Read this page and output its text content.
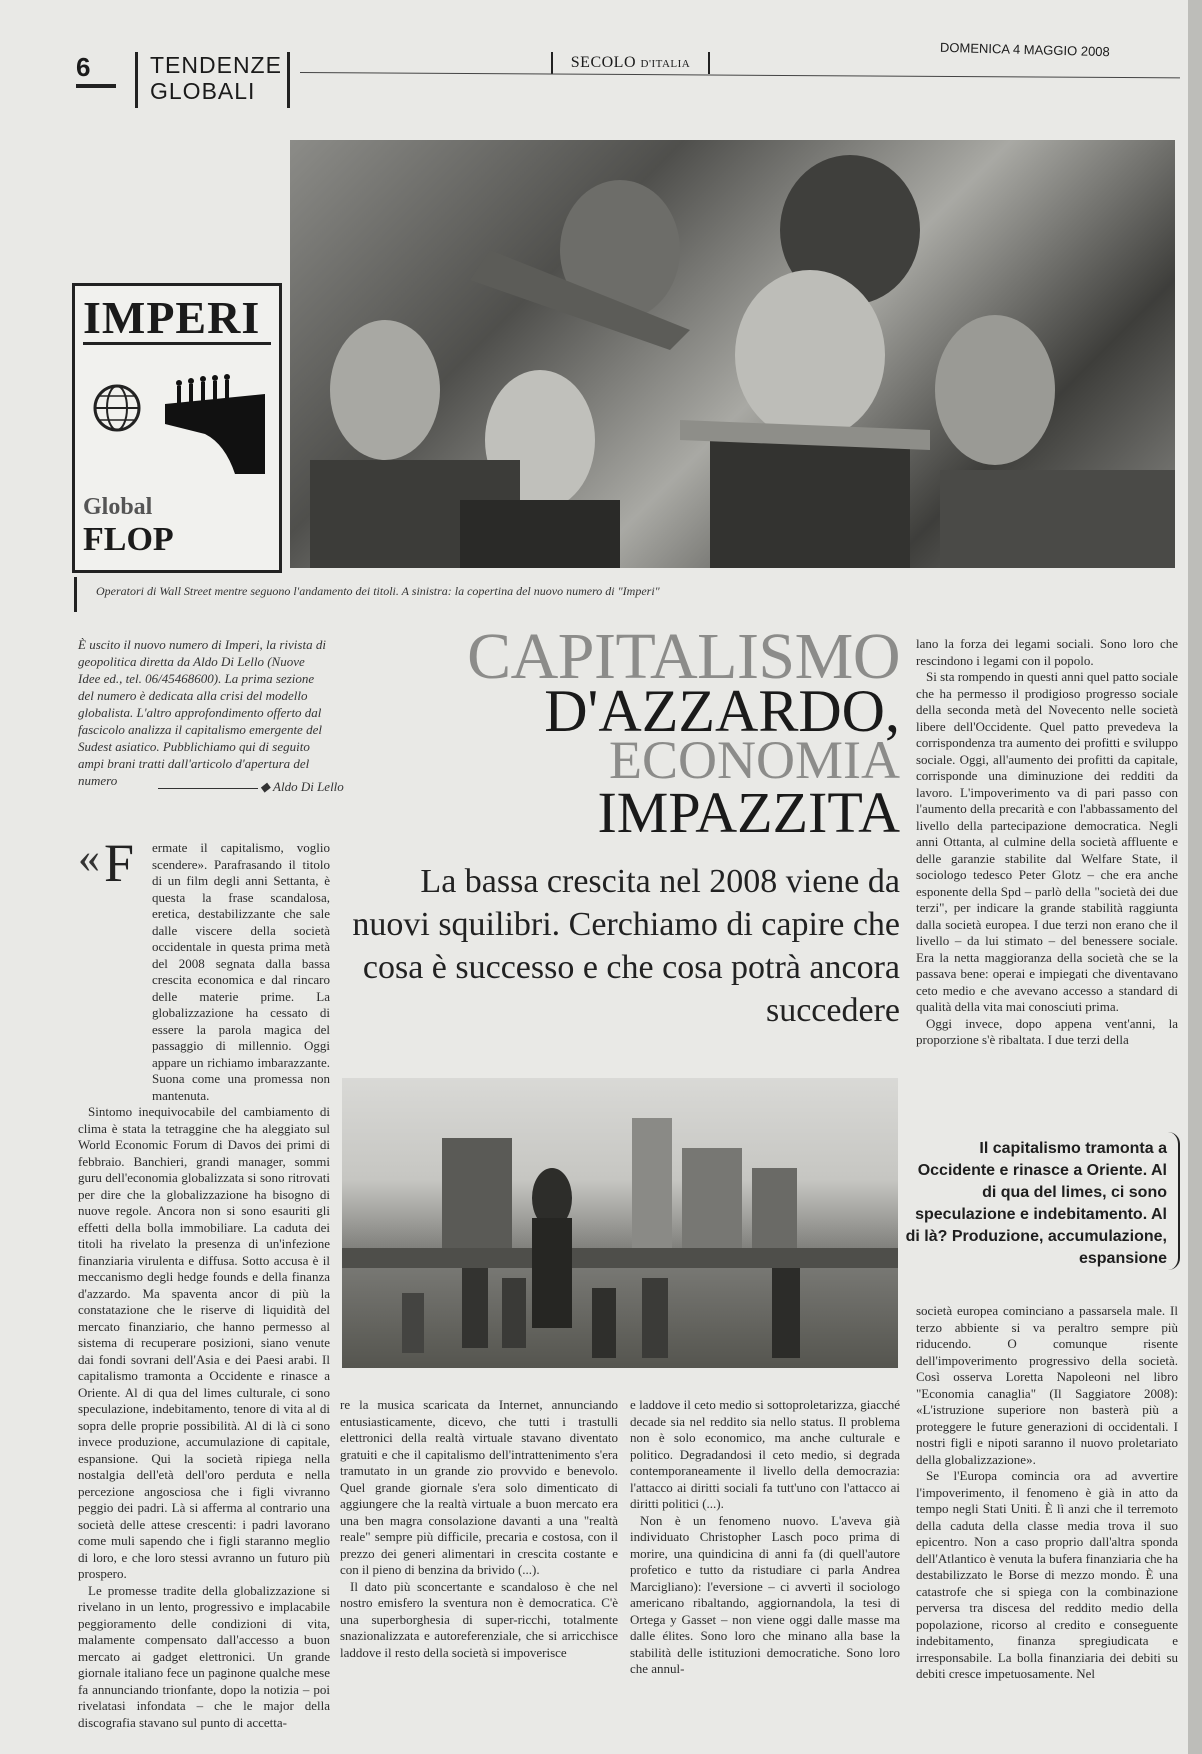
6	TENDENZE
GLOBALI
SECOLO D'ITALIA
DOMENICA 4 MAGGIO 2008
IMPERI
Global
FLOP
Operatori di Wall Street mentre seguono l'andamento dei titoli. A sinistra: la copertina del nuovo numero di "Imperi"
È uscito il nuovo numero di Imperi, la rivista di geopolitica diretta da Aldo Di Lello (Nuove Idee ed., tel. 06/45468600). La prima sezione del numero è dedicata alla crisi del modello globalista. L'altro approfondimento offerto dal fascicolo analizza il capitalismo emergente del Sudest asiatico. Pubblichiamo qui di seguito ampi brani tratti dall'articolo d'apertura del numero	◆ Aldo Di Lello
CAPITALISMO
D'AZZARDO,
ECONOMIA
IMPAZZITA
La bassa crescita nel 2008 viene da nuovi squilibri. Cerchiamo di capire che cosa è successo e che cosa potrà ancora succedere
« F	ermate il capitalismo, voglio scendere». Parafrasando il titolo di un film degli anni Settanta, è questa la frase scandalosa, eretica, destabilizzante che sale dalle viscere della società occidentale in questa prima metà del 2008 segnata dalla bassa crescita economica e dal rincaro delle materie prime. La globalizzazione ha cessato di essere la parola magica del passaggio di millennio. Oggi appare un richiamo imbarazzante. Suona come una promessa non mantenuta.

Sintomo inequivocabile del cambiamento di clima è stata la tetraggine che ha aleggiato sul World Economic Forum di Davos dei primi di febbraio. Banchieri, grandi manager, sommi guru dell'economia globalizzata si sono ritrovati per dire che la globalizzazione ha bisogno di nuove regole. Ancora non si sono esauriti gli effetti della bolla immobiliare. La caduta dei titoli ha rivelato la presenza di un'infezione finanziaria virulenta e diffusa. Sotto accusa è il meccanismo degli hedge founds e della finanza d'azzardo. Ma spaventa ancor di più la constatazione che le riserve di liquidità del mercato finanziario, che hanno permesso al sistema di recuperare posizioni, siano venute dai fondi sovrani dell'Asia e dei Paesi arabi. Il capitalismo tramonta a Occidente e rinasce a Oriente. Al di qua del limes culturale, ci sono speculazione, indebitamento, tenore di vita al di sopra delle proprie possibilità. Al di là ci sono invece produzione, accumulazione di capitale, espansione. Qui la società ripiega nella nostalgia dell'età dell'oro perduta e nella percezione angosciosa che i figli vivranno peggio dei padri. Là si afferma al contrario una società delle attese crescenti: i padri lavorano come muli sapendo che i figli staranno meglio di loro, e che loro stessi avranno un futuro più prospero.

Le promesse tradite della globalizzazione si rivelano in un lento, progressivo e implacabile peggioramento delle condizioni di vita, malamente compensato dall'accesso a buon mercato ai gadget elettronici. Un grande giornale italiano fece un paginone qualche mese fa annunciando trionfante, dopo la notizia – poi rivelatasi infondata – che le major della discografia stavano sul punto di accetta-

re la musica scaricata da Internet, annunciando entusiasticamente, dicevo, che tutti i trastulli elettronici della realtà virtuale stavano diventato gratuiti e che il capitalismo dell'intrattenimento s'era tramutato in un grande zio provvido e benevolo. Quel grande giornale s'era solo dimenticato di aggiungere che la realtà virtuale a buon mercato era una ben magra consolazione davanti a una "realtà reale" sempre più difficile, precaria e costosa, con il prezzo dei generi alimentari in crescita costante e con il pieno di benzina da brivido (...).

Il dato più sconcertante e scandaloso è che nel nostro emisfero la sventura non è democratica. C'è una superborghesia di super-ricchi, totalmente snazionalizzata e autoreferenziale, che si arricchisce laddove il resto della società si impoverisce

e laddove il ceto medio si sottoproletarizza, giacché decade sia nel reddito sia nello status. Il problema non è solo economico, ma anche culturale e politico. Degradandosi il ceto medio, si degrada contemporaneamente il livello della democrazia: l'attacco ai diritti sociali fa tutt'uno con l'attacco ai diritti politici (...).

Non è un fenomeno nuovo. L'aveva già individuato Christopher Lasch poco prima di morire, una quindicina di anni fa (di quell'autore profetico e tutto da ristudiare ci parla Andrea Marcigliano): l'eversione – ci avvertì il sociologo americano ribaltando, aggiornandola, la tesi di Ortega y Gasset – non viene oggi dalle masse ma dalle élites. Sono loro che minano alla base la stabilità delle istituzioni democratiche. Sono loro che annul-

lano la forza dei legami sociali. Sono loro che rescindono i legami con il popolo.

Si sta rompendo in questi anni quel patto sociale che ha permesso il prodigioso progresso sociale della seconda metà del Novecento nelle società libere dell'Occidente. Quel patto prevedeva la corrispondenza tra aumento dei profitti e sviluppo sociale. Oggi, all'aumento dei profitti da capitale, corrisponde una diminuzione dei redditi da lavoro. L'impoverimento va di pari passo con l'aumento della precarità e con l'abbassamento del livello della partecipazione democratica. Negli anni Ottanta, al culmine della società affluente e delle garanzie stabilite dal Welfare State, il sociologo tedesco Peter Glotz – che era anche esponente della Spd – parlò della "società dei due terzi", per indicare la grande stabilità raggiunta dalla società europea. I due terzi non erano che il livello – da lui stimato – del benessere sociale. Era la netta maggioranza della società che se la passava bene: operai e impiegati che diventavano ceto medio e che avevano accesso a standard di qualità della vita mai conosciuti prima.

Oggi invece, dopo appena vent'anni, la proporzione s'è ribaltata. I due terzi della

Il capitalismo tramonta a Occidente e rinasce a Oriente. Al di qua del limes, ci sono speculazione e indebitamento. Al di là? Produzione, accumulazione, espansione

società europea cominciano a passarsela male. Il terzo abbiente si va peraltro sempre più riducendo. O comunque risente dell'impoverimento progressivo della società. Così osserva Loretta Napoleoni nel libro "Economia canaglia" (Il Saggiatore 2008): «L'istruzione superiore non basterà più a proteggere le future generazioni di occidentali. I nostri figli e nipoti saranno il nuovo proletariato della globalizzazione».

Se l'Europa comincia ora ad avvertire l'impoverimento, il fenomeno è già in atto da tempo negli Stati Uniti. È lì anzi che il terremoto della caduta della classe media trova il suo epicentro. Non a caso proprio dall'altra sponda dell'Atlantico è venuta la bufera finanziaria che ha destabilizzato le Borse di mezzo mondo. È una catastrofe che si spiega con la combinazione perversa tra discesa del reddito medio della popolazione, ricorso al credito e conseguente indebitamento, finanza spregiudicata e irresponsabile. La bolla finanziaria dei debiti su debiti cresce impetuosamente. Nel
